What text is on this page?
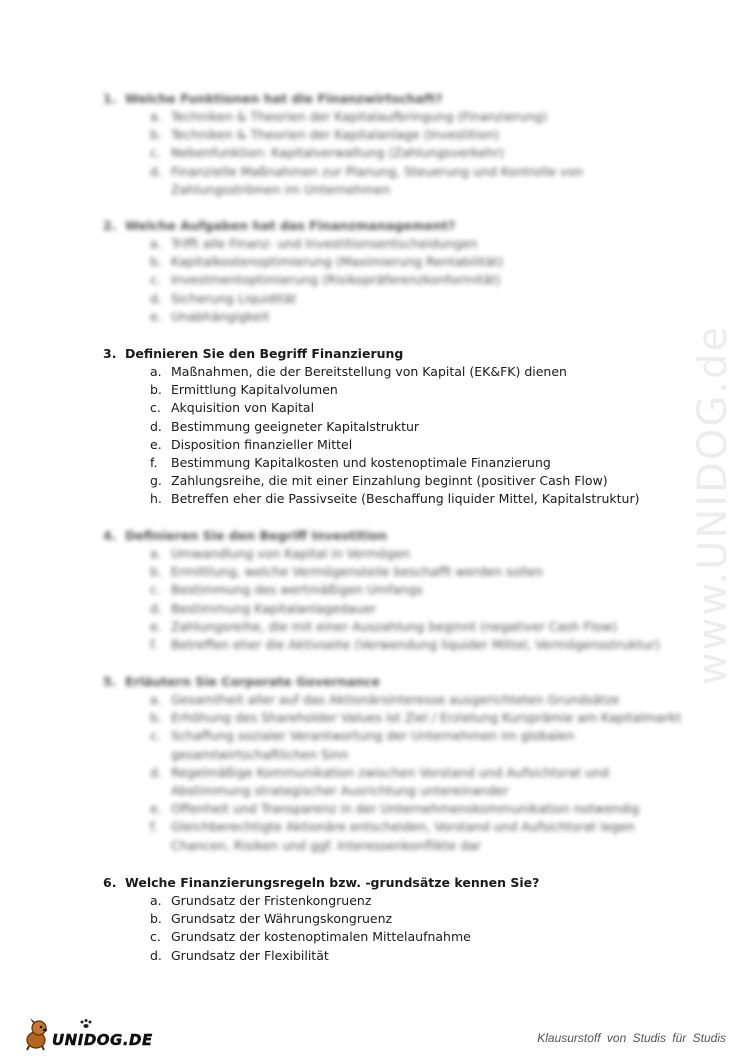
1. Welche Funktionen hat die Finanzwirtschaft?
a. Techniken & Theorien der Kapitalaufbringung (Finanzierung)
b. Techniken & Theorien der Kapitalanlage (Investition)
c. Nebenfunktion: Kapitalverwaltung (Zahlungsverkehr)
d. Finanzielle Maßnahmen zur Planung, Steuerung und Kontrolle von Zahlungsströmen im Unternehmen
2. Welche Aufgaben hat das Finanzmanagement?
a. Trifft alle Finanz- und Investitionsentscheidungen
b. Kapitalkostenoptimierung (Maximierung Rentabilität)
c. Investmentoptimierung (Risikopräferenzkonformität)
d. Sicherung Liquidität
e. Unabhängigkeit
3. Definieren Sie den Begriff Finanzierung
a. Maßnahmen, die der Bereitstellung von Kapital (EK&FK) dienen
b. Ermittlung Kapitalvolumen
c. Akquisition von Kapital
d. Bestimmung geeigneter Kapitalstruktur
e. Disposition finanzieller Mittel
f. Bestimmung Kapitalkosten und kostenoptimale Finanzierung
g. Zahlungsreihe, die mit einer Einzahlung beginnt (positiver Cash Flow)
h. Betreffen eher die Passivseite (Beschaffung liquider Mittel, Kapitalstruktur)
4. Definieren Sie den Begriff Investition
a. Umwandlung von Kapital in Vermögen
b. Ermittlung, welche Vermögensteile beschafft werden sollen
c. Bestimmung des wertmäßigen Umfangs
d. Bestimmung Kapitalanlagedauer
e. Zahlungsreihe, die mit einer Auszahlung beginnt (negativer Cash Flow)
f. Betreffen eher die Aktivseite (Verwendung liquider Mittel, Vermögensstruktur)
5. Erläutern Sie Corporate Governance
a. Gesamtheit aller auf das Aktionärsinteresse ausgerichteten Grundsätze
b. Erhöhung des Shareholder Values ist Ziel / Erzielung Kursprämie am Kapitalmarkt
c. Schaffung sozialer Verantwortung der Unternehmen im globalen gesamtwirtschaftlichen Sinn
d. Regelmäßige Kommunikation zwischen Vorstand und Aufsichtsrat und Abstimmung strategischer Ausrichtung untereinander
e. Offenheit und Transparenz in der Unternehmenskommunikation notwendig
f. Gleichberechtigte Aktionäre entscheiden, Vorstand und Aufsichtsrat legen Chancen, Risiken und ggf. Interessenkonflikte dar
6. Welche Finanzierungsregeln bzw. -grundsätze kennen Sie?
a. Grundsatz der Fristenkongruenz
b. Grundsatz der Währungskongruenz
c. Grundsatz der kostenoptimalen Mittelaufnahme
d. Grundsatz der Flexibilität
www.UNIDOG.de
UNIDOG.DE	Klausurstoff von Studis für Studis
